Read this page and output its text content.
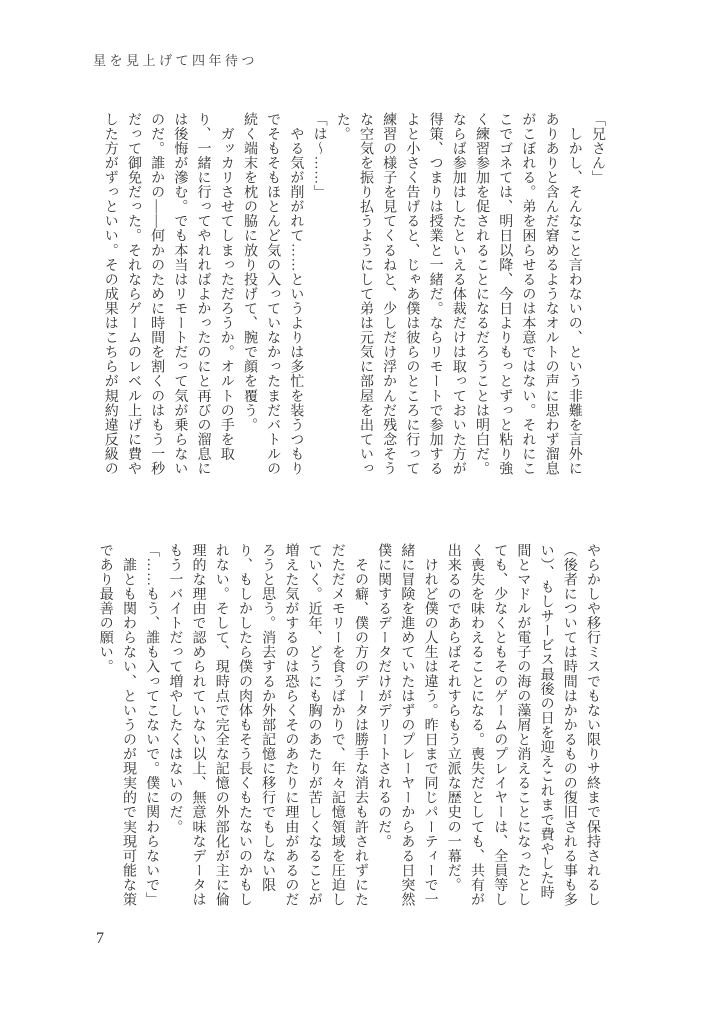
星を見上げて四年待つ
「兄さん」
　しかし、そんなこと言わないの、という非難を言外に
ありありと含んだ窘めるようなオルトの声に思わず溜息
がこぼれる。弟を困らせるのは本意ではない。それにこ
こでゴネては、明日以降、今日よりもっとずっと粘り強
く練習参加を促されることになるだろうことは明白だ。
ならば参加はしたといえる体裁だけは取っておいた方が
得策、つまりは授業と一緒だ。ならリモートで参加する
よと小さく告げると、じゃあ僕は彼らのところに行って
練習の様子を見てくるねと、少しだけ浮かんだ残念そう
な空気を振り払うようにして弟は元気に部屋を出ていっ
た。
「は〜……」
　やる気が削がれて……というよりは多忙を装うつもり
でそもそもほとんど気の入っていなかったまだバトルの
続く端末を枕の脇に放り投げて、腕で顔を覆う。
　ガッカリさせてしまっただろうか。オルトの手を取
り、一緒に行ってやれればよかったのにと再びの溜息に
は後悔が滲む。でも本当はリモートだって気が乗らない
のだ。誰かの――何かのために時間を割くのはもう一秒
だって御免だった。それならゲームのレベル上げに費や
した方がずっといい。その成果はこちらが規約違反級の
やらかしや移行ミスでもない限りサ終まで保持されるし
（後者については時間はかかるものの復旧される事も多
い）、もしサービス最後の日を迎えこれまで費やした時
間とマドルが電子の海の藻屑と消えることになったとし
ても、少なくともそのゲームのプレイヤーは、全員等し
く喪失を味わえることになる。喪失だとしても、共有が
出来るのであらばそれすらもう立派な歴史の一幕だ。
　けれど僕の人生は違う。昨日まで同じパーティーで一
緒に冒険を進めていたはずのプレーヤーからある日突然
僕に関するデータだけがデリートされるのだ。
　その癖、僕の方のデータは勝手な消去も許されずにた
だただメモリーを食うばかりで、年々記憶領域を圧迫し
ていく。近年、どうにも胸のあたりが苦しくなることが
増えた気がするのは恐らくそのあたりに理由があるのだ
ろうと思う。消去するか外部記憶に移行でもしない限
り、もしかしたら僕の肉体もそう長くもたないのかもし
れない。そして、現時点で完全な記憶の外部化が主に倫
理的な理由で認められていない以上、無意味なデータは
もう一バイトだって増やしたくはないのだ。
「……もう、誰も入ってこないで。僕に関わらないで」
　誰とも関わらない、というのが現実的で実現可能な策
であり最善の願い。
7
